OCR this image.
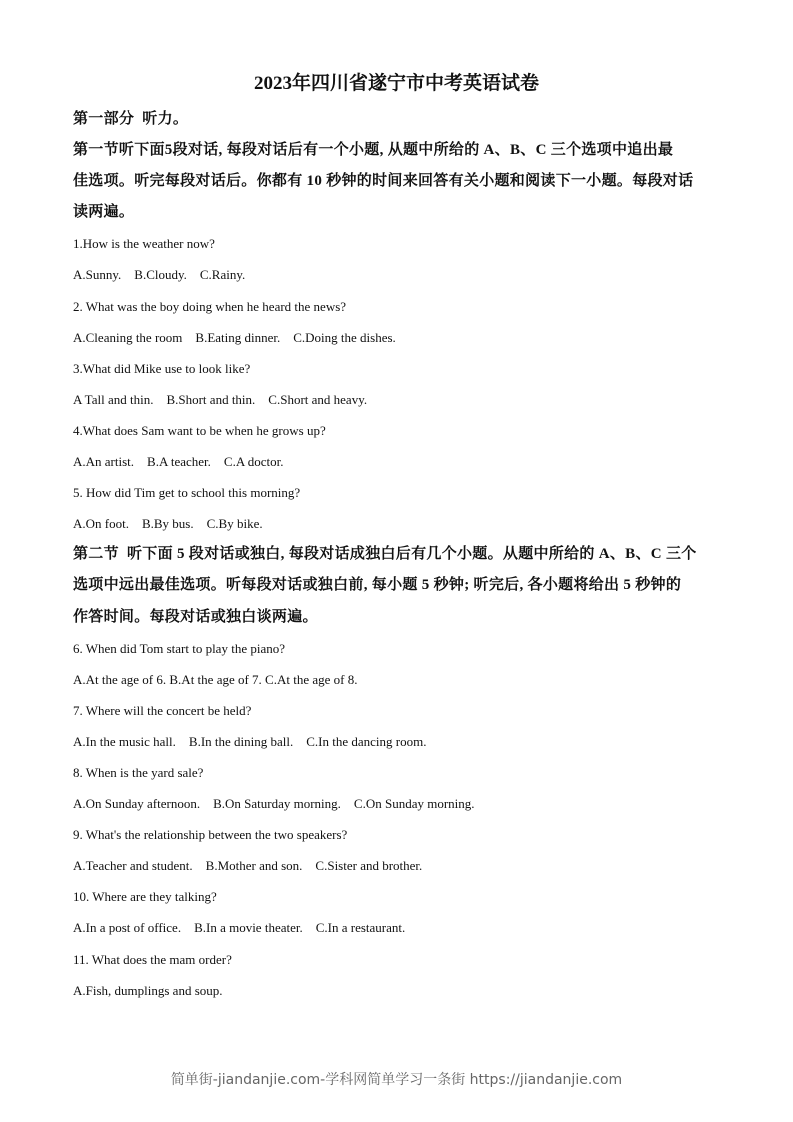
2023年四川省遂宁市中考英语试卷
第一部分  听力。
第一节听下面5段对话, 每段对话后有一个小题, 从题中所给的 A、B、C 三个选项中追出最
佳选项。听完每段对话后。你都有 10 秒钟的时间来回答有关小题和阅读下一小题。每段对话
读两遍。
1.How is the weather now?
A.Sunny.    B.Cloudy.    C.Rainy.
2. What was the boy doing when he heard the news?
A.Cleaning the room    B.Eating dinner.    C.Doing the dishes.
3.What did Mike use to look like?
A Tall and thin.    B.Short and thin.    C.Short and heavy.
4.What does Sam want to be when he grows up?
A.An artist.    B.A teacher.    C.A doctor.
5. How did Tim get to school this morning?
A.On foot.    B.By bus.    C.By bike.
第二节  听下面 5 段对话或独白, 每段对话成独白后有几个小题。从题中所给的 A、B、C 三个
选项中远出最佳选项。听每段对话或独白前, 每小题 5 秒钟; 听完后, 各小题将给出 5 秒钟的
作答时间。每段对话或独白谈两遍。
6. When did Tom start to play the piano?
A.At the age of 6. B.At the age of 7. C.At the age of 8.
7. Where will the concert be held?
A.In the music hall.    B.In the dining ball.    C.In the dancing room.
8. When is the yard sale?
A.On Sunday afternoon.    B.On Saturday morning.    C.On Sunday morning.
9. What's the relationship between the two speakers?
A.Teacher and student.    B.Mother and son.    C.Sister and brother.
10. Where are they talking?
A.In a post of office.    B.In a movie theater.    C.In a restaurant.
11. What does the mam order?
A.Fish, dumplings and soup.
简单街-jiandanjie.com-学科网简单学习一条街 https://jiandanjie.com
